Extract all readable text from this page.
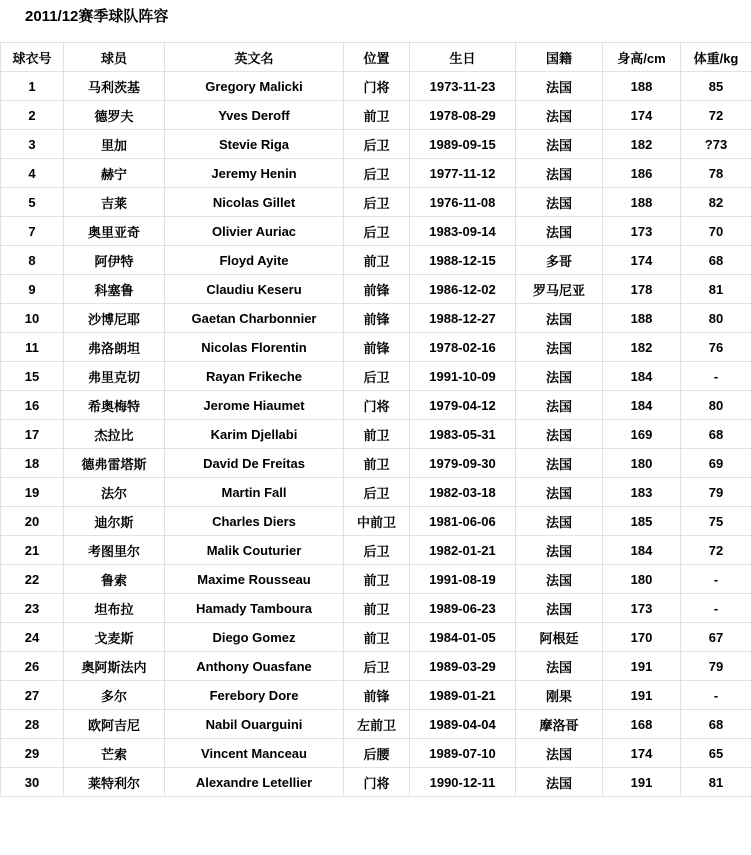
2011/12赛季球队阵容
球衣号	球员	英文名	位置	生日	国籍	身高/cm	体重/kg
1	马利茨基	Gregory Malicki	门将	1973-11-23	法国	188	85
2	德罗夫	Yves Deroff	前卫	1978-08-29	法国	174	72
3	里加	Stevie Riga	后卫	1989-09-15	法国	182	?73
4	赫宁	Jeremy Henin	后卫	1977-11-12	法国	186	78
5	吉莱	Nicolas Gillet	后卫	1976-11-08	法国	188	82
7	奥里亚奇	Olivier Auriac	后卫	1983-09-14	法国	173	70
8	阿伊特	Floyd Ayite	前卫	1988-12-15	多哥	174	68
9	科塞鲁	Claudiu Keseru	前锋	1986-12-02	罗马尼亚	178	81
10	沙博尼耶	Gaetan Charbonnier	前锋	1988-12-27	法国	188	80
11	弗洛朗坦	Nicolas Florentin	前锋	1978-02-16	法国	182	76
15	弗里克切	Rayan Frikeche	后卫	1991-10-09	法国	184	-
16	希奥梅特	Jerome Hiaumet	门将	1979-04-12	法国	184	80
17	杰拉比	Karim Djellabi	前卫	1983-05-31	法国	169	68
18	德弗雷塔斯	David De Freitas	前卫	1979-09-30	法国	180	69
19	法尔	Martin Fall	后卫	1982-03-18	法国	183	79
20	迪尔斯	Charles Diers	中前卫	1981-06-06	法国	185	75
21	考图里尔	Malik Couturier	后卫	1982-01-21	法国	184	72
22	鲁索	Maxime Rousseau	前卫	1991-08-19	法国	180	-
23	坦布拉	Hamady Tamboura	前卫	1989-06-23	法国	173	-
24	戈麦斯	Diego Gomez	前卫	1984-01-05	阿根廷	170	67
26	奥阿斯法内	Anthony Ouasfane	后卫	1989-03-29	法国	191	79
27	多尔	Ferebory Dore	前锋	1989-01-21	刚果	191	-
28	欧阿吉尼	Nabil Ouarguini	左前卫	1989-04-04	摩洛哥	168	68
29	芒索	Vincent Manceau	后腰	1989-07-10	法国	174	65
30	莱特利尔	Alexandre Letellier	门将	1990-12-11	法国	191	81
